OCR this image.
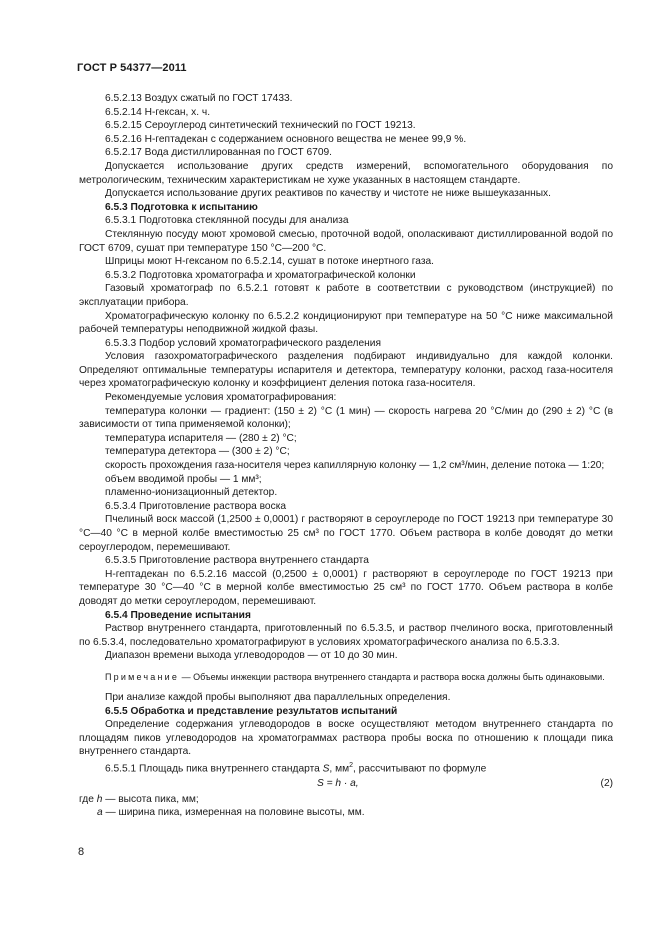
ГОСТ Р 54377—2011

6.5.2.13 Воздух сжатый по ГОСТ 17433.

6.5.2.14 Н-гексан, х. ч.

6.5.2.15 Сероуглерод синтетический технический по ГОСТ 19213.

6.5.2.16 Н-гептадекан с содержанием основного вещества не менее 99,9 %.

6.5.2.17 Вода дистиллированная по ГОСТ 6709.

Допускается использование других средств измерений, вспомогательного оборудования по метрологическим, техническим характеристикам не хуже указанных в настоящем стандарте.

Допускается использование других реактивов по качеству и чистоте не ниже вышеуказанных.

6.5.3 Подготовка к испытанию

6.5.3.1 Подготовка стеклянной посуды для анализа

Стеклянную посуду моют хромовой смесью, проточной водой, ополаскивают дистиллированной водой по ГОСТ 6709, сушат при температуре 150 °С—200 °С.

Шприцы моют Н-гексаном по 6.5.2.14, сушат в потоке инертного газа.

6.5.3.2 Подготовка хроматографа и хроматографической колонки

Газовый хроматограф по 6.5.2.1 готовят к работе в соответствии с руководством (инструкцией) по эксплуатации прибора.

Хроматографическую колонку по 6.5.2.2 кондиционируют при температуре на 50 °С ниже максимальной рабочей температуры неподвижной жидкой фазы.

6.5.3.3 Подбор условий хроматографического разделения

Условия газохроматографического разделения подбирают индивидуально для каждой колонки. Определяют оптимальные температуры испарителя и детектора, температуру колонки, расход газа-носителя через хроматографическую колонку и коэффициент деления потока газа-носителя.

Рекомендуемые условия хроматографирования:

температура колонки — градиент: (150 ± 2) °С (1 мин) — скорость нагрева 20 °С/мин до (290 ± 2) °С (в зависимости от типа применяемой колонки);

температура испарителя — (280 ± 2) °С;

температура детектора — (300 ± 2) °С;

скорость прохождения газа-носителя через капиллярную колонку — 1,2 см³/мин, деление потока — 1:20;

объем вводимой пробы — 1 мм³;

пламенно-ионизационный детектор.

6.5.3.4 Приготовление раствора воска

Пчелиный воск массой (1,2500 ± 0,0001) г растворяют в сероуглероде по ГОСТ 19213 при температуре 30 °С—40 °С в мерной колбе вместимостью 25 см³ по ГОСТ 1770. Объем раствора в колбе доводят до метки сероуглеродом, перемешивают.

6.5.3.5 Приготовление раствора внутреннего стандарта

Н-гептадекан по 6.5.2.16 массой (0,2500 ± 0,0001) г растворяют в сероуглероде по ГОСТ 19213 при температуре 30 °С—40 °С в мерной колбе вместимостью 25 см³ по ГОСТ 1770. Объем раствора в колбе доводят до метки сероуглеродом, перемешивают.

6.5.4 Проведение испытания

Раствор внутреннего стандарта, приготовленный по 6.5.3.5, и раствор пчелиного воска, приготовленный по 6.5.3.4, последовательно хроматографируют в условиях хроматографического анализа по 6.5.3.3.

Диапазон времени выхода углеводородов — от 10 до 30 мин.

Примечание — Объемы инжекции раствора внутреннего стандарта и раствора воска должны быть одинаковыми.

При анализе каждой пробы выполняют два параллельных определения.

6.5.5 Обработка и представление результатов испытаний

Определение содержания углеводородов в воске осуществляют методом внутреннего стандарта по площадям пиков углеводородов на хроматограммах раствора пробы воска по отношению к площади пика внутреннего стандарта.

6.5.5.1 Площадь пика внутреннего стандарта S, $мм^2$, рассчитывают по формуле

S = h · a,	(2)

где h — высота пика, мм;

a — ширина пика, измеренная на половине высоты, мм.

8
